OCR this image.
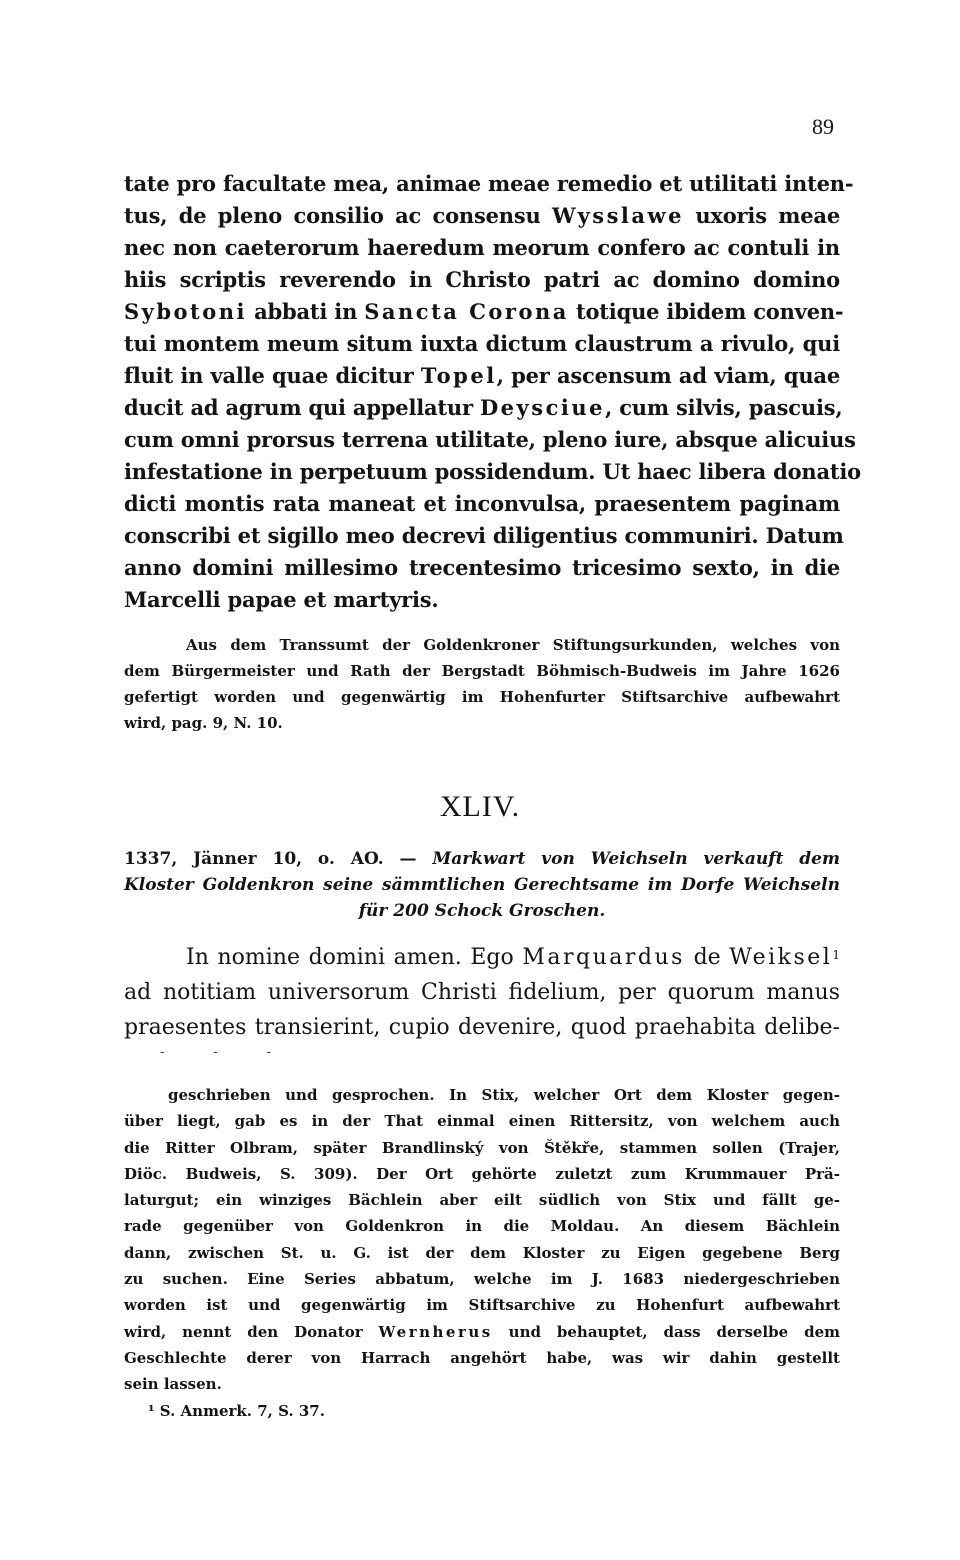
89
tate pro facultate mea, animae meae remedio et utilitati inten-
tus, de pleno consilio ac consensu Wysslawe uxoris meae
nec non caeterorum haeredum meorum confero ac contuli in
hiis scriptis reverendo in Christo patri ac domino domino
Sybotoni abbati in Sancta Corona totique ibidem conven-
tui montem meum situm iuxta dictum claustrum a rivulo, qui
fluit in valle quae dicitur Topel, per ascensum ad viam, quae
ducit ad agrum qui appellatur Deysciue, cum silvis, pascuis,
cum omni prorsus terrena utilitate, pleno iure, absque alicuius
infestatione in perpetuum possidendum. Ut haec libera donatio
dicti montis rata maneat et inconvulsa, praesentem paginam
conscribi et sigillo meo decrevi diligentius communiri. Datum
anno domini millesimo trecentesimo tricesimo sexto, in die
Marcelli papae et martyris.
Aus dem Transsumt der Goldenkroner Stiftungsurkunden, welches von
dem Bürgermeister und Rath der Bergstadt Böhmisch-Budweis im Jahre 1626
gefertigt worden und gegenwärtig im Hohenfurter Stiftsarchive aufbewahrt
wird, pag. 9, N. 10.
XLIV.
1337, Jänner 10, o. AO. — Markwart von Weichseln verkauft dem
Kloster Goldenkron seine sämmtlichen Gerechtsame im Dorfe Weichseln
für 200 Schock Groschen.
In nomine domini amen. Ego Marquardus de Weiksel$^1$
ad notitiam universorum Christi fidelium, per quorum manus
praesentes transierint, cupio devenire, quod praehabita delibe-
- - -
geschrieben und gesprochen. In Stix, welcher Ort dem Kloster gegen-
über liegt, gab es in der That einmal einen Rittersitz, von welchem auch
die Ritter Olbram, später Brandlinský von Štěkře, stammen sollen (Trajer,
Diöc. Budweis, S. 309). Der Ort gehörte zuletzt zum Krummauer Prä-
laturgut; ein winziges Bächlein aber eilt südlich von Stix und fällt ge-
rade gegenüber von Goldenkron in die Moldau. An diesem Bächlein
dann, zwischen St. u. G. ist der dem Kloster zu Eigen gegebene Berg
zu suchen. Eine Series abbatum, welche im J. 1683 niedergeschrieben
worden ist und gegenwärtig im Stiftsarchive zu Hohenfurt aufbewahrt
wird, nennt den Donator Wernherus und behauptet, dass derselbe dem
Geschlechte derer von Harrach angehört habe, was wir dahin gestellt
sein lassen.
¹ S. Anmerk. 7, S. 37.
